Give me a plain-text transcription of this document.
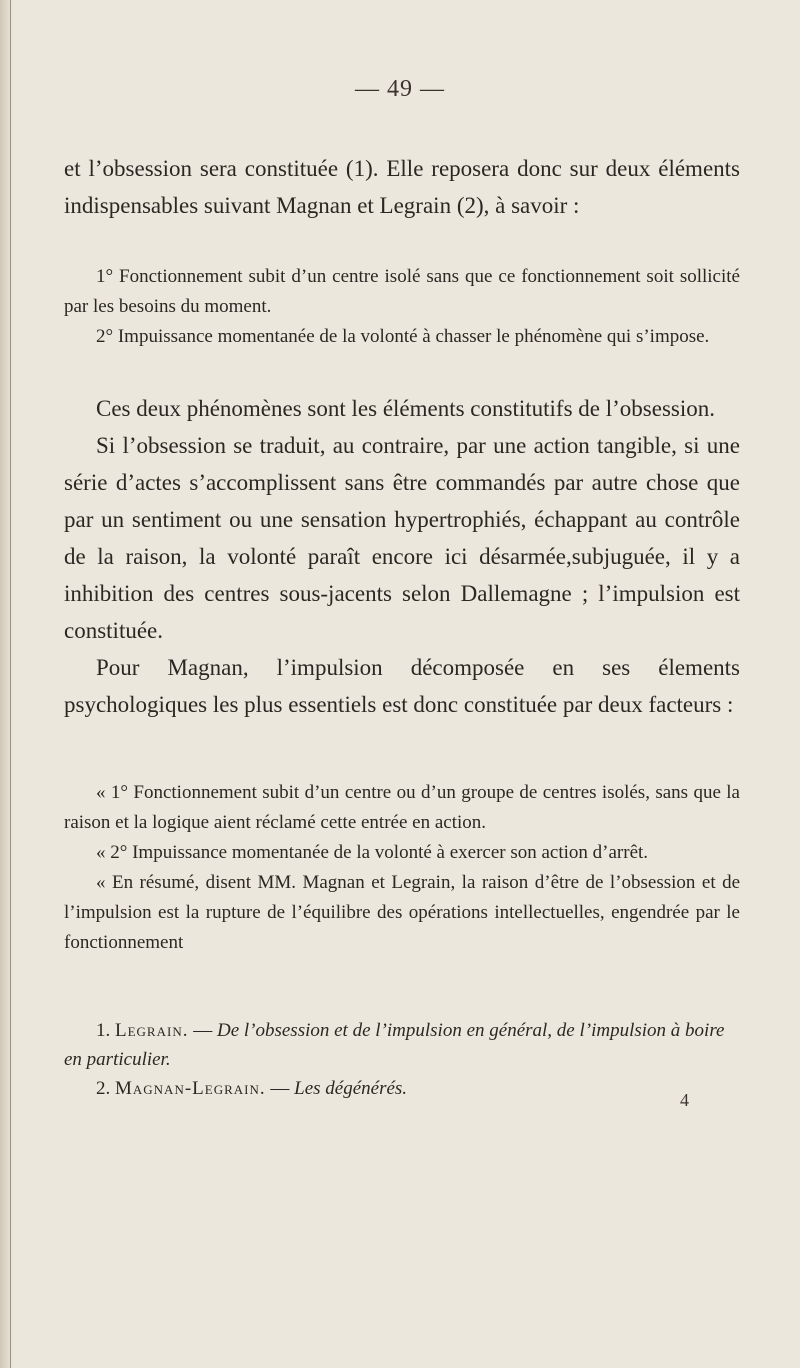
— 49 —

et l’obsession sera constituée (1). Elle reposera donc sur deux éléments indispensables suivant Magnan et Legrain (2), à savoir :

1° Fonctionnement subit d’un centre isolé sans que ce fonctionnement soit sollicité par les besoins du moment.

2° Impuissance momentanée de la volonté à chasser le phénomène qui s’impose.

Ces deux phénomènes sont les éléments constitutifs de l’obsession.

Si l’obsession se traduit, au contraire, par une action tangible, si une série d’actes s’accomplissent sans être commandés par autre chose que par un sentiment ou une sensation hypertrophiés, échappant au contrôle de la raison, la volonté paraît encore ici désarmée,subjuguée, il y a inhibition des centres sous-jacents selon Dallemagne ; l’impulsion est constituée.

Pour Magnan, l’impulsion décomposée en ses élements psychologiques les plus essentiels est donc constituée par deux facteurs :

« 1° Fonctionnement subit d’un centre ou d’un groupe de centres isolés, sans que la raison et la logique aient réclamé cette entrée en action.

« 2° Impuissance momentanée de la volonté à exercer son action d’arrêt.

« En résumé, disent MM. Magnan et Legrain, la raison d’être de l’obsession et de l’impulsion est la rupture de l’équilibre des opérations intellectuelles, engendrée par le fonctionnement

1. Legrain. — De l’obsession et de l’impulsion en général, de l’impulsion à boire en particulier.

2. Magnan-Legrain. — Les dégénérés.

4
